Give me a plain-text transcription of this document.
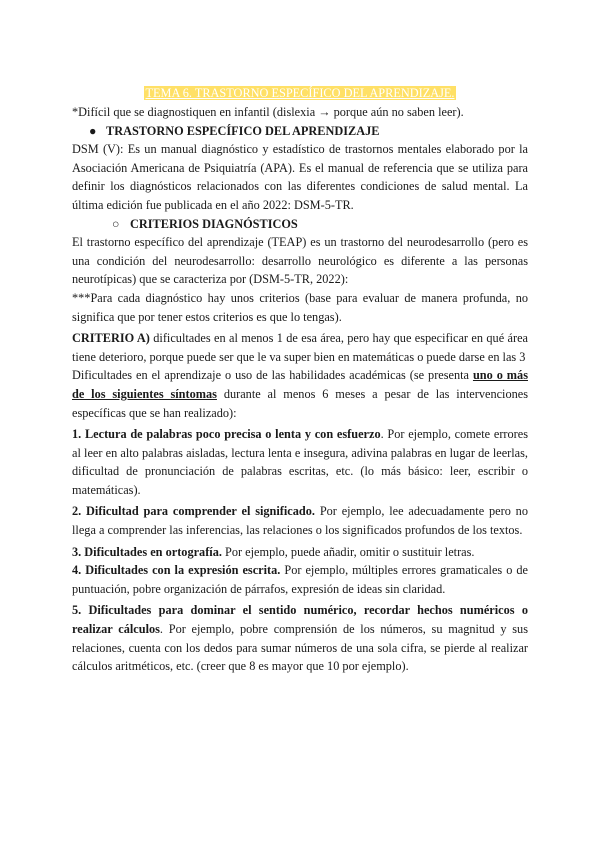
TEMA 6. TRASTORNO ESPECÍFICO DEL APRENDIZAJE.

*Difícil que se diagnostiquen en infantil (dislexia → porque aún no saben leer).

● TRASTORNO ESPECÍFICO DEL APRENDIZAJE

DSM (V): Es un manual diagnóstico y estadístico de trastornos mentales elaborado por la Asociación Americana de Psiquiatría (APA). Es el manual de referencia que se utiliza para definir los diagnósticos relacionados con las diferentes condiciones de salud mental. La última edición fue publicada en el año 2022: DSM-5-TR.

○ CRITERIOS DIAGNÓSTICOS

El trastorno específico del aprendizaje (TEAP) es un trastorno del neurodesarrollo (pero es una condición del neurodesarrollo: desarrollo neurológico es diferente a las personas neurotípicas) que se caracteriza por (DSM-5-TR, 2022):

***Para cada diagnóstico hay unos criterios (base para evaluar de manera profunda, no significa que por tener estos criterios es que lo tengas).

CRITERIO A) dificultades en al menos 1 de esa área, pero hay que especificar en qué área tiene deterioro, porque puede ser que le va super bien en matemáticas o puede darse en las 3

Dificultades en el aprendizaje o uso de las habilidades académicas (se presenta uno o más de los siguientes síntomas durante al menos 6 meses a pesar de las intervenciones específicas que se han realizado):

1. Lectura de palabras poco precisa o lenta y con esfuerzo. Por ejemplo, comete errores al leer en alto palabras aisladas, lectura lenta e insegura, adivina palabras en lugar de leerlas, dificultad de pronunciación de palabras escritas, etc. (lo más básico: leer, escribir o matemáticas).

2. Dificultad para comprender el significado. Por ejemplo, lee adecuadamente pero no llega a comprender las inferencias, las relaciones o los significados profundos de los textos.

3. Dificultades en ortografía. Por ejemplo, puede añadir, omitir o sustituir letras.

4. Dificultades con la expresión escrita. Por ejemplo, múltiples errores gramaticales o de puntuación, pobre organización de párrafos, expresión de ideas sin claridad.

5. Dificultades para dominar el sentido numérico, recordar hechos numéricos o realizar cálculos. Por ejemplo, pobre comprensión de los números, su magnitud y sus relaciones, cuenta con los dedos para sumar números de una sola cifra, se pierde al realizar cálculos aritméticos, etc. (creer que 8 es mayor que 10 por ejemplo).
